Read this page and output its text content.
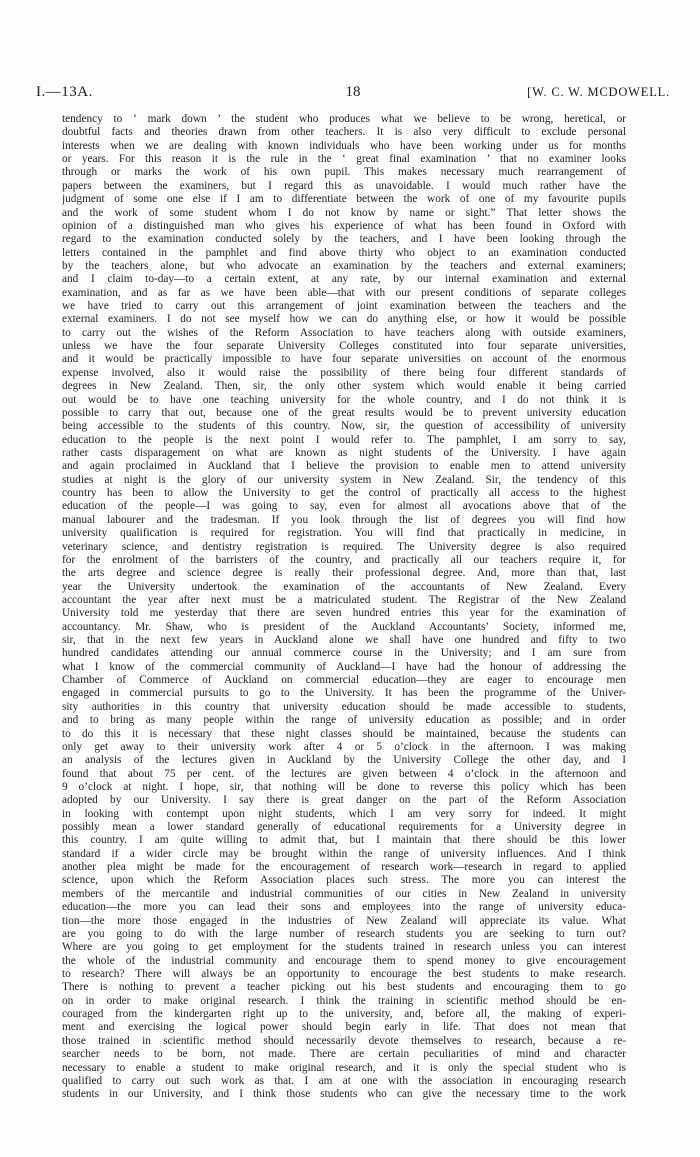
I.—13A.	18	[W. C. W. MCDOWELL.
tendency to ‘ mark down ’ the student who produces what we believe to be wrong, heretical, or
doubtful facts and theories drawn from other teachers. It is also very difficult to exclude personal
interests when we are dealing with known individuals who have been working under us for months
or years. For this reason it is the rule in the ‘ great final examination ’ that no examiner looks
through or marks the work of his own pupil. This makes necessary much rearrangement of
papers between the examiners, but I regard this as unavoidable. I would much rather have the
judgment of some one else if I am to differentiate between the work of one of my favourite pupils
and the work of some student whom I do not know by name or sight.” That letter shows the
opinion of a distinguished man who gives his experience of what has been found in Oxford with
regard to the examination conducted solely by the teachers, and I have been looking through the
letters contained in the pamphlet and find above thirty who object to an examination conducted
by the teachers alone, but who advocate an examination by the teachers and external examiners;
and I claim to-day—to a certain extent, at any rate, by our internal examination and external
examination, and as far as we have been able—that with our present conditions of separate colleges
we have tried to carry out this arrangement of joint examination between the teachers and the
external examiners. I do not see myself how we can do anything else, or how it would be possible
to carry out the wishes of the Reform Association to have teachers along with outside examiners,
unless we have the four separate University Colleges constituted into four separate universities,
and it would be practically impossible to have four separate universities on account of the enormous
expense involved, also it would raise the possibility of there being four different standards of
degrees in New Zealand. Then, sir, the only other system which would enable it being carried
out would be to have one teaching university for the whole country, and I do not think it is
possible to carry that out, because one of the great results would be to prevent university education
being accessible to the students of this country. Now, sir, the question of accessibility of university
education to the people is the next point I would refer to. The pamphlet, I am sorry to say,
rather casts disparagement on what are known as night students of the University. I have again
and again proclaimed in Auckland that I believe the provision to enable men to attend university
studies at night is the glory of our university system in New Zealand. Sir, the tendency of this
country has been to allow the University to get the control of practically all access to the highest
education of the people—I was going to say, even for almost all avocations above that of the
manual labourer and the tradesman. If you look through the list of degrees you will find how
university qualification is required for registration. You will find that practically in medicine, in
veterinary science, and dentistry registration is required. The University degree is also required
for the enrolment of the barristers of the country, and practically all our teachers require it, for
the arts degree and science degree is really their professional degree. And, more than that, last
year the University undertook the examination of the accountants of New Zealand. Every
accountant the year after next must be a matriculated student. The Registrar of the New Zealand
University told me yesterday that there are seven hundred entries this year for the examination of
accountancy. Mr. Shaw, who is president of the Auckland Accountants’ Society, informed me,
sir, that in the next few years in Auckland alone we shall have one hundred and fifty to two
hundred candidates attending our annual commerce course in the University; and I am sure from
what I know of the commercial community of Auckland—I have had the honour of addressing the
Chamber of Commerce of Auckland on commercial education—they are eager to encourage men
engaged in commercial pursuits to go to the University. It has been the programme of the Univer-
sity authorities in this country that university education should be made accessible to students,
and to bring as many people within the range of university education as possible; and in order
to do this it is necessary that these night classes should be maintained, because the students can
only get away to their university work after 4 or 5 o’clock in the afternoon. I was making
an analysis of the lectures given in Auckland by the University College the other day, and I
found that about 75 per cent. of the lectures are given between 4 o’clock in the afternoon and
9 o’clock at night. I hope, sir, that nothing will be done to reverse this policy which has been
adopted by our University. I say there is great danger on the part of the Reform Association
in looking with contempt upon night students, which I am very sorry for indeed. It might
possibly mean a lower standard generally of educational requirements for a University degree in
this country. I am quite willing to admit that, but I maintain that there should be this lower
standard if a wider circle may be brought within the range of university influences. And I think
another plea might be made for the encouragement of research work—research in regard to applied
science, upon which the Reform Association places such stress. The more you can interest the
members of the mercantile and industrial communities of our cities in New Zealand in university
education—the more you can lead their sons and employees into the range of university educa-
tion—the more those engaged in the industries of New Zealand will appreciate its value. What
are you going to do with the large number of research students you are seeking to turn out?
Where are you going to get employment for the students trained in research unless you can interest
the whole of the industrial community and encourage them to spend money to give encouragement
to research? There will always be an opportunity to encourage the best students to make research.
There is nothing to prevent a teacher picking out his best students and encouraging them to go
on in order to make original research. I think the training in scientific method should be en-
couraged from the kindergarten right up to the university, and, before all, the making of experi-
ment and exercising the logical power should begin early in life. That does not mean that
those trained in scientific method should necessarily devote themselves to research, because a re-
searcher needs to be born, not made. There are certain peculiarities of mind and character
necessary to enable a student to make original research, and it is only the special student who is
qualified to carry out such work as that. I am at one with the association in encouraging research
students in our University, and I think those students who can give the necessary time to the work
